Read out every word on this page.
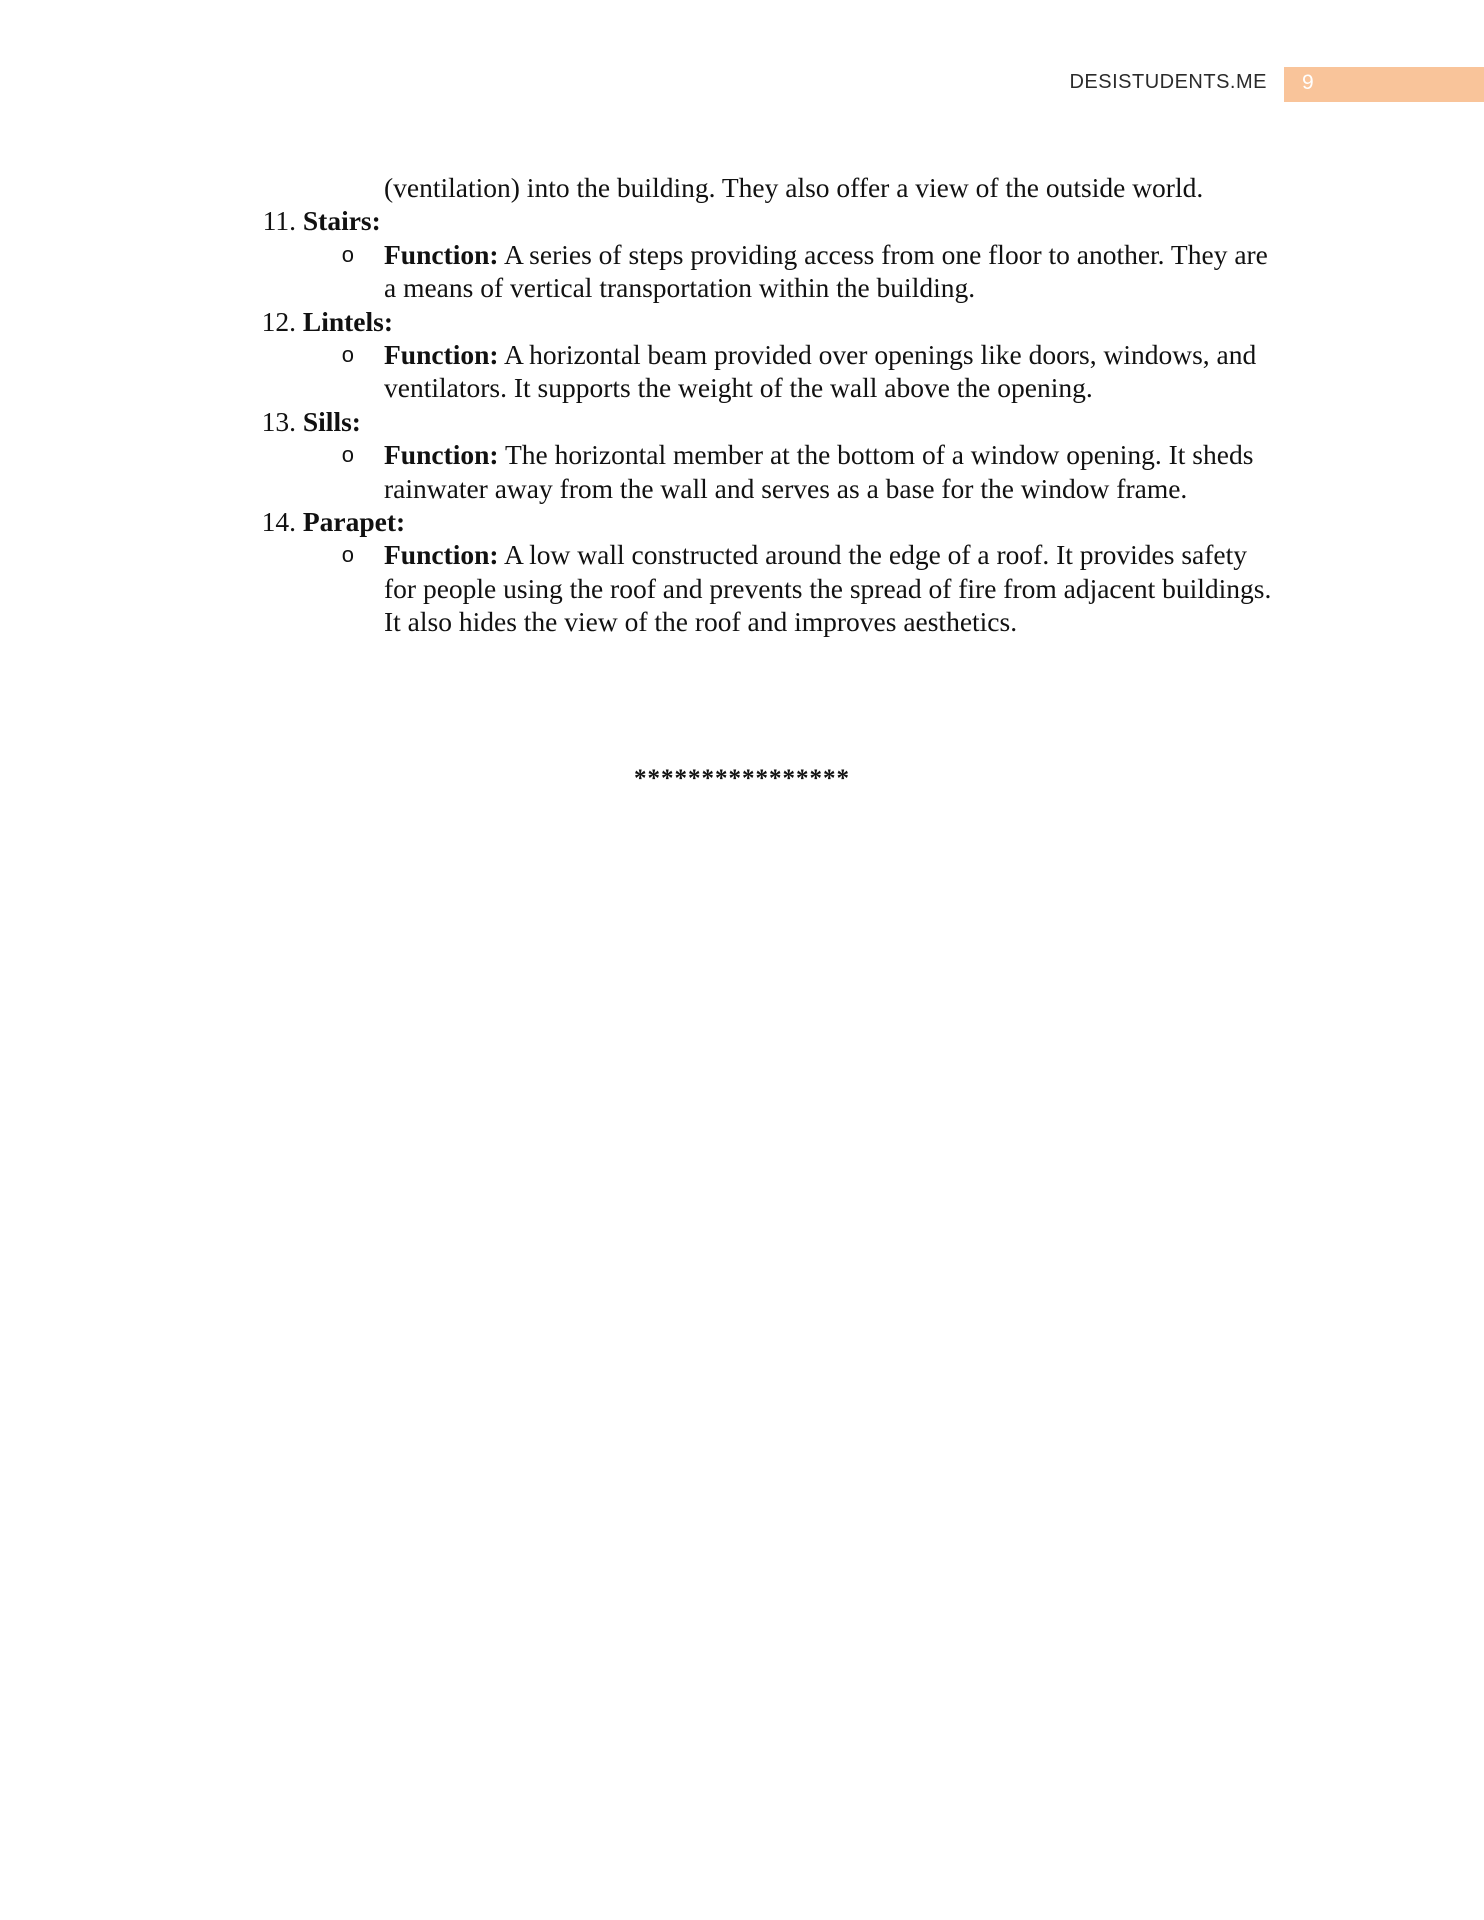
DESISTUDENTS.ME 9
(ventilation) into the building. They also offer a view of the outside world.
11. Stairs:
o	Function: A series of steps providing access from one floor to another. They are a means of vertical transportation within the building.
12. Lintels:
o	Function: A horizontal beam provided over openings like doors, windows, and ventilators. It supports the weight of the wall above the opening.
13. Sills:
o	Function: The horizontal member at the bottom of a window opening. It sheds rainwater away from the wall and serves as a base for the window frame.
14. Parapet:
o	Function: A low wall constructed around the edge of a roof. It provides safety for people using the roof and prevents the spread of fire from adjacent buildings. It also hides the view of the roof and improves aesthetics.
****************
